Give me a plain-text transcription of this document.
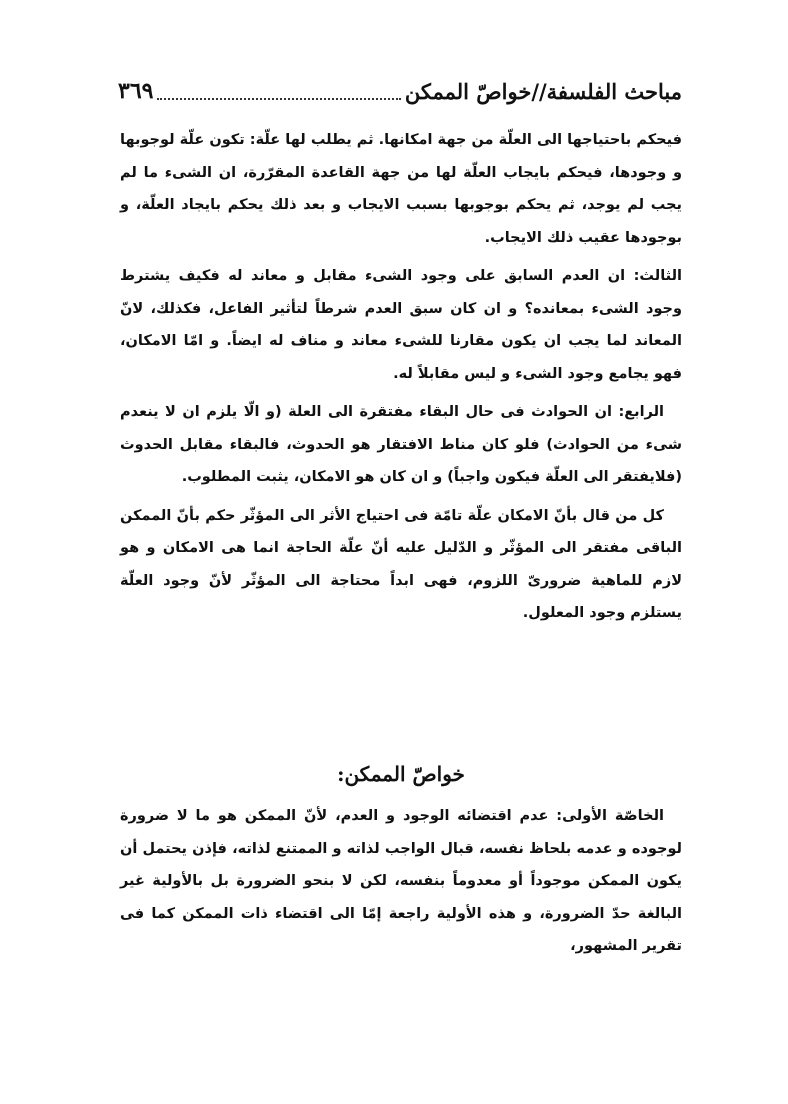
مباحث الفلسفة//خواصّ الممكن
٣٦٩

فيحكم باحتياجها الى العلّة من جهة امكانها. ثم يطلب لها علّة: تكون علّة لوجوبها و وجودها، فيحكم بايجاب العلّة لها من جهة القاعدة المقرّرة، ان الشىء ما لم يجب لم يوجد، ثم يحكم بوجوبها بسبب الايجاب و بعد ذلك يحكم بايجاد العلّة، و بوجودها عقيب ذلك الايجاب.

الثالث: ان العدم السابق على وجود الشىء مقابل و معاند له فكيف يشترط وجود الشىء بمعانده؟ و ان كان سبق العدم شرطاً لتأثير الفاعل، فكذلك، لانّ المعاند لما يجب ان يكون مقارنا للشىء معاند و مناف له ايضاً. و امّا الامكان، فهو يجامع وجود الشىء و ليس مقابلاً له.

الرابع: ان الحوادث فى حال البقاء مفتقرة الى العلة (و الّا يلزم ان لا ينعدم شىء من الحوادث) فلو كان مناط الافتقار هو الحدوث، فالبقاء مقابل الحدوث (فلايفتقر الى العلّة فيكون واجباً) و ان كان هو الامكان، يثبت المطلوب.

كل من قال بأنّ الامكان علّة تامّة فى احتياج الأثر الى المؤثّر حكم بأنّ الممكن الباقى مفتقر الى المؤثّر و الدّليل عليه أنّ علّة الحاجة انما هى الامكان و هو لازم للماهية ضرورىّ اللزوم، فهى ابداً محتاجة الى المؤثّر لأنّ وجود العلّة يستلزم وجود المعلول.

خواصّ الممكن:

الخاصّة الأولى: عدم اقتضائه الوجود و العدم، لأنّ الممكن هو ما لا ضرورة لوجوده و عدمه بلحاظ نفسه، قبال الواجب لذاته و الممتنع لذاته، فإذن يحتمل أن يكون الممكن موجوداً أو معدوماً بنفسه، لكن لا بنحو الضرورة بل بالأولية غير البالغة حدّ الضرورة، و هذه الأولية راجعة إمّا الى اقتضاء ذات الممكن كما فى تقرير المشهور،
